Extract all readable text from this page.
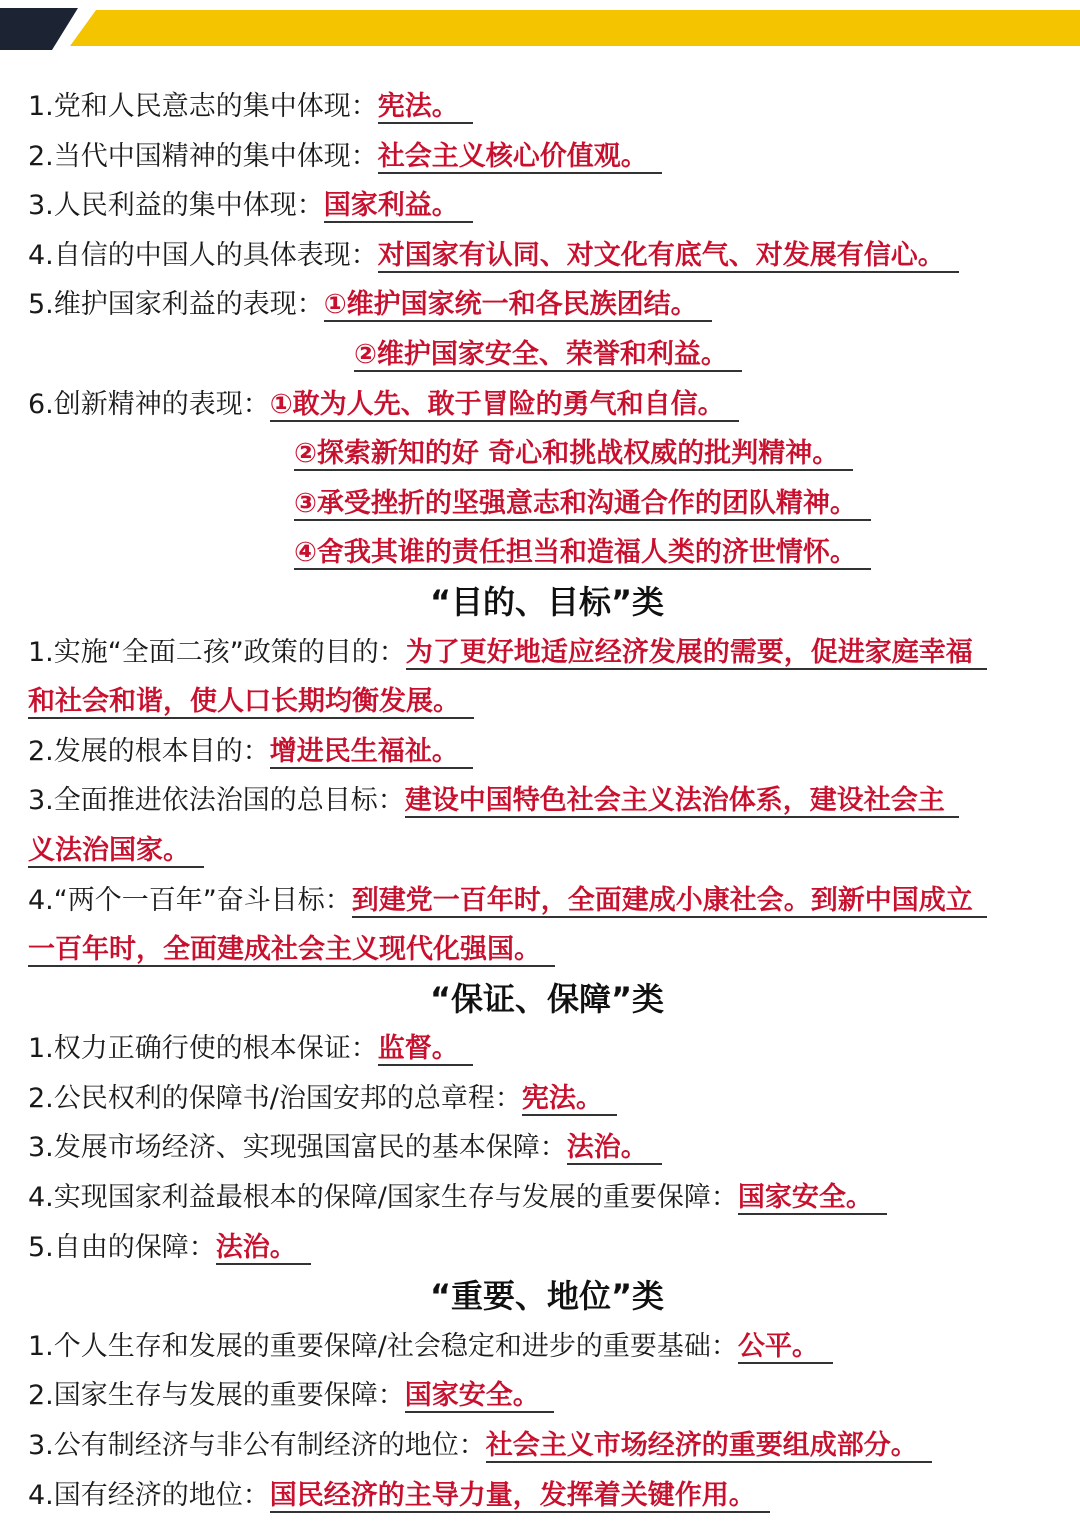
1.党和人民意志的集中体现：宪法。
2.当代中国精神的集中体现：社会主义核心价值观。
3.人民利益的集中体现：国家利益。
4.自信的中国人的具体表现：对国家有认同、对文化有底气、对发展有信心。
5.维护国家利益的表现：①维护国家统一和各民族团结。
②维护国家安全、荣誉和利益。
6.创新精神的表现：①敢为人先、敢于冒险的勇气和自信。
②探索新知的好 奇心和挑战权威的批判精神。
③承受挫折的坚强意志和沟通合作的团队精神。
④舍我其谁的责任担当和造福人类的济世情怀。
“目的、目标”类
1.实施“全面二孩”政策的目的：为了更好地适应经济发展的需要，促进家庭幸福
和社会和谐，使人口长期均衡发展。
2.发展的根本目的：增进民生福祉。
3.全面推进依法治国的总目标：建设中国特色社会主义法治体系，建设社会主
义法治国家。
4.“两个一百年”奋斗目标：到建党一百年时，全面建成小康社会。到新中国成立
一百年时，全面建成社会主义现代化强国。
“保证、保障”类
1.权力正确行使的根本保证：监督。
2.公民权利的保障书/治国安邦的总章程：宪法。
3.发展市场经济、实现强国富民的基本保障：法治。
4.实现国家利益最根本的保障/国家生存与发展的重要保障：国家安全。
5.自由的保障：法治。
“重要、地位”类
1.个人生存和发展的重要保障/社会稳定和进步的重要基础：公平。
2.国家生存与发展的重要保障：国家安全。
3.公有制经济与非公有制经济的地位：社会主义市场经济的重要组成部分。
4.国有经济的地位：国民经济的主导力量，发挥着关键作用。
